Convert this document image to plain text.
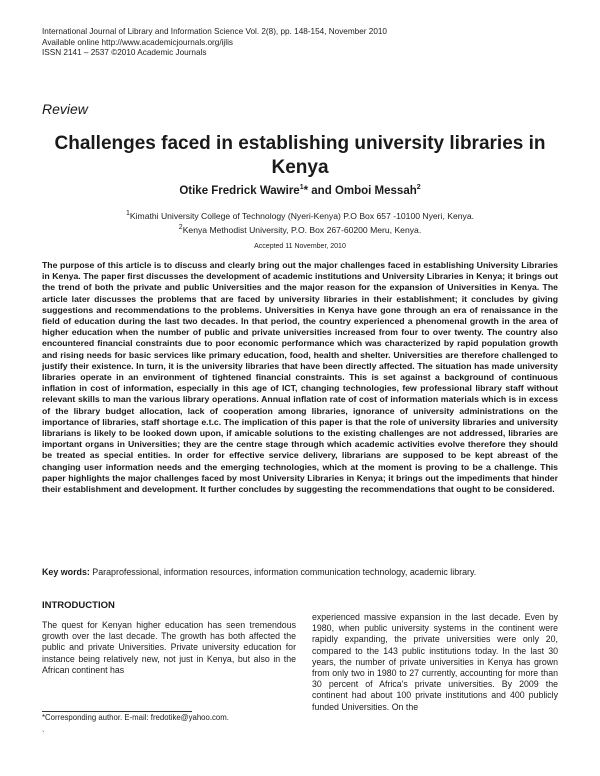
International Journal of Library and Information Science Vol. 2(8), pp. 148-154, November 2010
Available online http://www.academicjournals.org/ijlis
ISSN 2141 – 2537 ©2010 Academic Journals
Review
Challenges faced in establishing university libraries in Kenya
Otike Fredrick Wawire$^1$* and Omboi Messah$^2$
$^1$Kimathi University College of Technology (Nyeri-Kenya) P.O Box 657 -10100 Nyeri, Kenya.
$^2$Kenya Methodist University, P.O. Box 267-60200 Meru, Kenya.
Accepted 11 November, 2010
The purpose of this article is to discuss and clearly bring out the major challenges faced in establishing University Libraries in Kenya. The paper first discusses the development of academic institutions and University Libraries in Kenya; it brings out the trend of both the private and public Universities and the major reason for the expansion of Universities in Kenya. The article later discusses the problems that are faced by university libraries in their establishment; it concludes by giving suggestions and recommendations to the problems. Universities in Kenya have gone through an era of renaissance in the field of education during the last two decades. In that period, the country experienced a phenomenal growth in the area of higher education when the number of public and private universities increased from four to over twenty. The country also encountered financial constraints due to poor economic performance which was characterized by rapid population growth and rising needs for basic services like primary education, food, health and shelter. Universities are therefore challenged to justify their existence. In turn, it is the university libraries that have been directly affected. The situation has made university libraries operate in an environment of tightened financial constraints. This is set against a background of continuous inflation in cost of information, especially in this age of ICT, changing technologies, few professional library staff without relevant skills to man the various library operations. Annual inflation rate of cost of information materials which is in excess of the library budget allocation, lack of cooperation among libraries, ignorance of university administrations on the importance of libraries, staff shortage e.t.c. The implication of this paper is that the role of university libraries and university librarians is likely to be looked down upon, if amicable solutions to the existing challenges are not addressed, libraries are important organs in Universities; they are the centre stage through which academic activities evolve therefore they should be treated as special entities. In order for effective service delivery, librarians are supposed to be kept abreast of the changing user information needs and the emerging technologies, which at the moment is proving to be a challenge. This paper highlights the major challenges faced by most University Libraries in Kenya; it brings out the impediments that hinder their establishment and development. It further concludes by suggesting the recommendations that ought to be considered.
Key words: Paraprofessional, information resources, information communication technology, academic library.
INTRODUCTION
The quest for Kenyan higher education has seen tremendous growth over the last decade. The growth has both affected the public and private Universities. Private university education for instance being relatively new, not just in Kenya, but also in the African continent has
experienced massive expansion in the last decade. Even by 1980, when public university systems in the continent were rapidly expanding, the private universities were only 20, compared to the 143 public institutions today. In the last 30 years, the number of private universities in Kenya has grown from only two in 1980 to 27 currently, accounting for more than 30 percent of Africa's private universities. By 2009 the continent had about 100 private institutions and 400 publicly funded Universities. On the
*Corresponding author. E-mail: fredotike@yahoo.com.
`
